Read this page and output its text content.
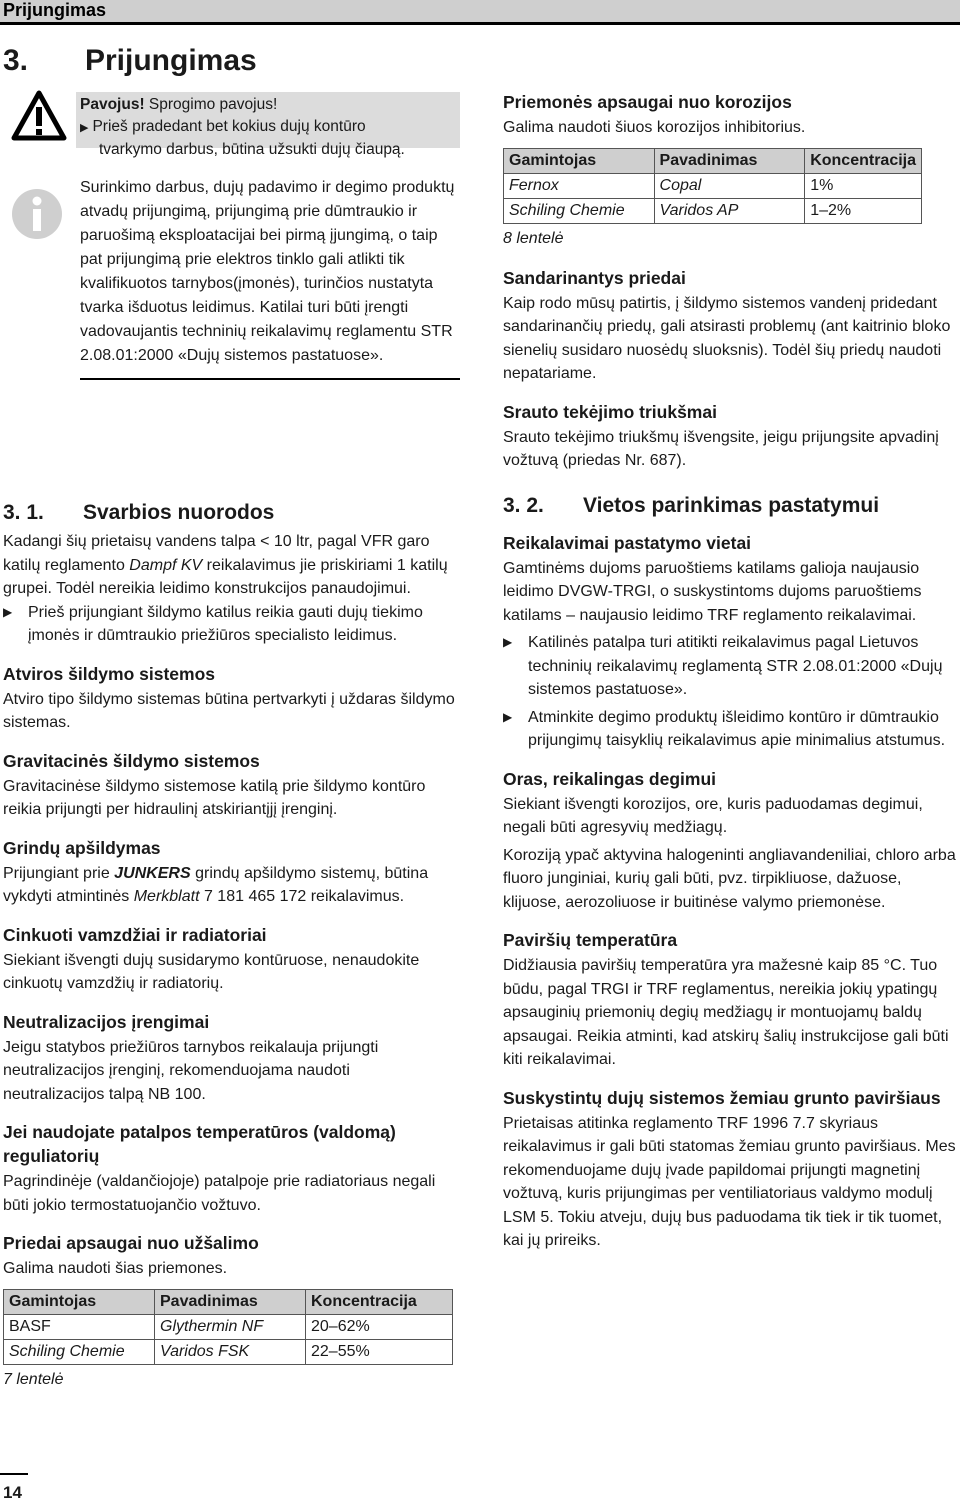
Prijungimas
3. Prijungimas
Pavojus! Sprogimo pavojus!
▶ Prieš pradedant bet kokius dujų kontūro
tvarkymo darbus, būtina užsukti dujų čiaupą.
Surinkimo darbus, dujų padavimo ir degimo produktų atvadų prijungimą, prijungimą prie dūmtraukio ir paruošimą eksploatacijai bei pirmą įjungimą, o taip pat prijungimą prie elektros tinklo gali atlikti tik kvalifikuotos tarnybos(įmonės), turinčios nustatyta tvarka išduotus leidimus. Katilai turi būti įrengti vadovaujantis techninių reikalavimų reglamentu STR 2.08.01:2000 «Dujų sistemos pastatuose».
3. 1. Svarbios nuorodos

Kadangi šių prietaisų vandens talpa < 10 ltr, pagal VFR garo katilų reglamento Dampf KV reikalavimus jie priskiriami 1 katilų grupei. Todėl nereikia leidimo konstrukcijos panaudojimui.

▶ Prieš prijungiant šildymo katilus reikia gauti dujų tiekimo įmonės ir dūmtraukio priežiūros specialisto leidimus.

Atviros šildymo sistemos

Atviro tipo šildymo sistemas būtina pertvarkyti į uždaras šildymo sistemas.

Gravitacinės šildymo sistemos

Gravitacinėse šildymo sistemose katilą prie šildymo kontūro reikia prijungti per hidraulinį atskiriantįjį įrenginį.

Grindų apšildymas

Prijungiant prie JUNKERS grindų apšildymo sistemų, būtina vykdyti atmintinės Merkblatt 7 181 465 172 reikalavimus.

Cinkuoti vamzdžiai ir radiatoriai

Siekiant išvengti dujų susidarymo kontūruose, nenaudokite cinkuotų vamzdžių ir radiatorių.

Neutralizacijos įrengimai

Jeigu statybos priežiūros tarnybos reikalauja prijungti neutralizacijos įrenginį, rekomenduojama naudoti neutralizacijos talpą NB 100.

Jei naudojate patalpos temperatūros (valdomą) reguliatorių

Pagrindinėje (valdančiojoje) patalpoje prie radiatoriaus negali būti jokio termostatuojančio vožtuvo.

Priedai apsaugai nuo užšalimo

Galima naudoti šias priemones.

Gamintojas	Pavadinimas	Koncentracija
BASF	Glythermin NF	20–62%
Schiling Chemie	Varidos FSK	22–55%
7 lentelė
Priemonės apsaugai nuo korozijos

Galima naudoti šiuos korozijos inhibitorius.

Gamintojas	Pavadinimas	Koncentracija
Fernox	Copal	1%
Schiling Chemie	Varidos AP	1–2%
8 lentelė
Sandarinantys priedai

Kaip rodo mūsų patirtis, į šildymo sistemos vandenį pridedant sandarinančių priedų, gali atsirasti problemų (ant kaitrinio bloko sienelių susidaro nuosėdų sluoksnis). Todėl šių priedų naudoti nepatariame.

Srauto tekėjimo triukšmai

Srauto tekėjimo triukšmų išvengsite, jeigu prijungsite apvadinį vožtuvą (priedas Nr. 687).

3. 2. Vietos parinkimas pastatymui
Reikalavimai pastatymo vietai

Gamtinėms dujoms paruoštiems katilams galioja naujausio leidimo DVGW-TRGI, o suskystintoms dujoms paruoštiems katilams – naujausio leidimo TRF reglamento reikalavimai.

▶ Katilinės patalpa turi atitikti reikalavimus pagal Lietuvos techninių reikalavimų reglamentą STR 2.08.01:2000 «Dujų sistemos pastatuose».

▶ Atminkite degimo produktų išleidimo kontūro ir dūmtraukio prijungimų taisyklių reikalavimus apie minimalius atstumus.

Oras, reikalingas degimui

Siekiant išvengti korozijos, ore, kuris paduodamas degimui, negali būti agresyvių medžiagų.

Koroziją ypač aktyvina halogeninti angliavandeniliai, chloro arba fluoro junginiai, kurių gali būti, pvz. tirpikliuose, dažuose, klijuose, aerozoliuose ir buitinėse valymo priemonėse.

Paviršių temperatūra

Didžiausia paviršių temperatūra yra mažesnė kaip 85 °C. Tuo būdu, pagal TRGI ir TRF reglamentus, nereikia jokių ypatingų apsauginių priemonių degių medžiagų ir montuojamų baldų apsaugai. Reikia atminti, kad atskirų šalių instrukcijose gali būti kiti reikalavimai.

Suskystintų dujų sistemos žemiau grunto paviršiaus

Prietaisas atitinka reglamento TRF 1996 7.7 skyriaus reikalavimus ir gali būti statomas žemiau grunto paviršiaus. Mes rekomenduojame dujų įvade papildomai prijungti magnetinį vožtuvą, kuris prijungimas per ventiliatoriaus valdymo modulį LSM 5. Tokiu atveju, dujų bus paduodama tik tiek ir tik tuomet, kai jų prireiks.

14
